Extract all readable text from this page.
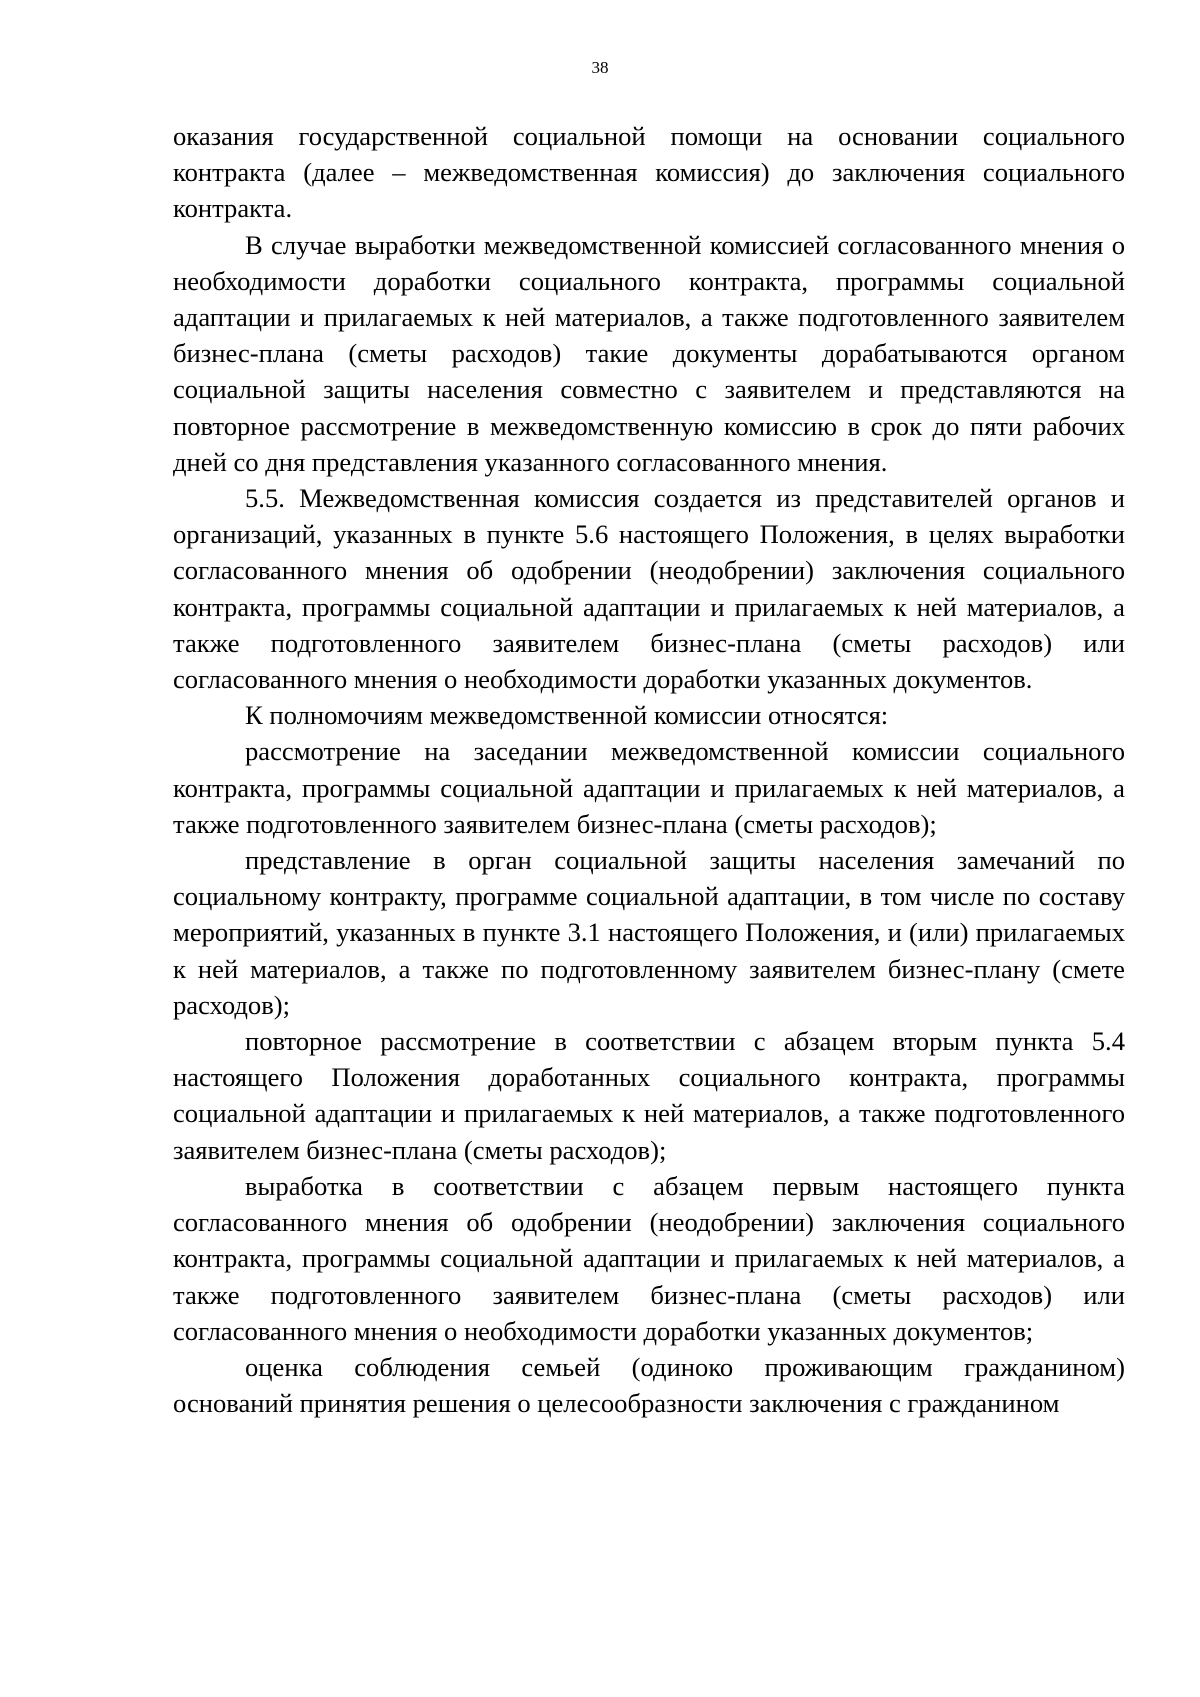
38

оказания государственной социальной помощи на основании социального контракта (далее – межведомственная комиссия) до заключения социального контракта.

В случае выработки межведомственной комиссией согласованного мнения о необходимости доработки социального контракта, программы социальной адаптации и прилагаемых к ней материалов, а также подготовленного заявителем бизнес-плана (сметы расходов) такие документы дорабатываются органом социальной защиты населения совместно с заявителем и представляются на повторное рассмотрение в межведомственную комиссию в срок до пяти рабочих дней со дня представления указанного согласованного мнения.

5.5. Межведомственная комиссия создается из представителей органов и организаций, указанных в пункте 5.6 настоящего Положения, в целях выработки согласованного мнения об одобрении (неодобрении) заключения социального контракта, программы социальной адаптации и прилагаемых к ней материалов, а также подготовленного заявителем бизнес-плана (сметы расходов) или согласованного мнения о необходимости доработки указанных документов.

К полномочиям межведомственной комиссии относятся:

рассмотрение на заседании межведомственной комиссии социального контракта, программы социальной адаптации и прилагаемых к ней материалов, а также подготовленного заявителем бизнес-плана (сметы расходов);

представление в орган социальной защиты населения замечаний по социальному контракту, программе социальной адаптации, в том числе по составу мероприятий, указанных в пункте 3.1 настоящего Положения, и (или) прилагаемых к ней материалов, а также по подготовленному заявителем бизнес-плану (смете расходов);

повторное рассмотрение в соответствии с абзацем вторым пункта 5.4 настоящего Положения доработанных социального контракта, программы социальной адаптации и прилагаемых к ней материалов, а также подготовленного заявителем бизнес-плана (сметы расходов);

выработка в соответствии с абзацем первым настоящего пункта согласованного мнения об одобрении (неодобрении) заключения социального контракта, программы социальной адаптации и прилагаемых к ней материалов, а также подготовленного заявителем бизнес-плана (сметы расходов) или согласованного мнения о необходимости доработки указанных документов;

оценка соблюдения семьей (одиноко проживающим гражданином) оснований принятия решения о целесообразности заключения с гражданином
